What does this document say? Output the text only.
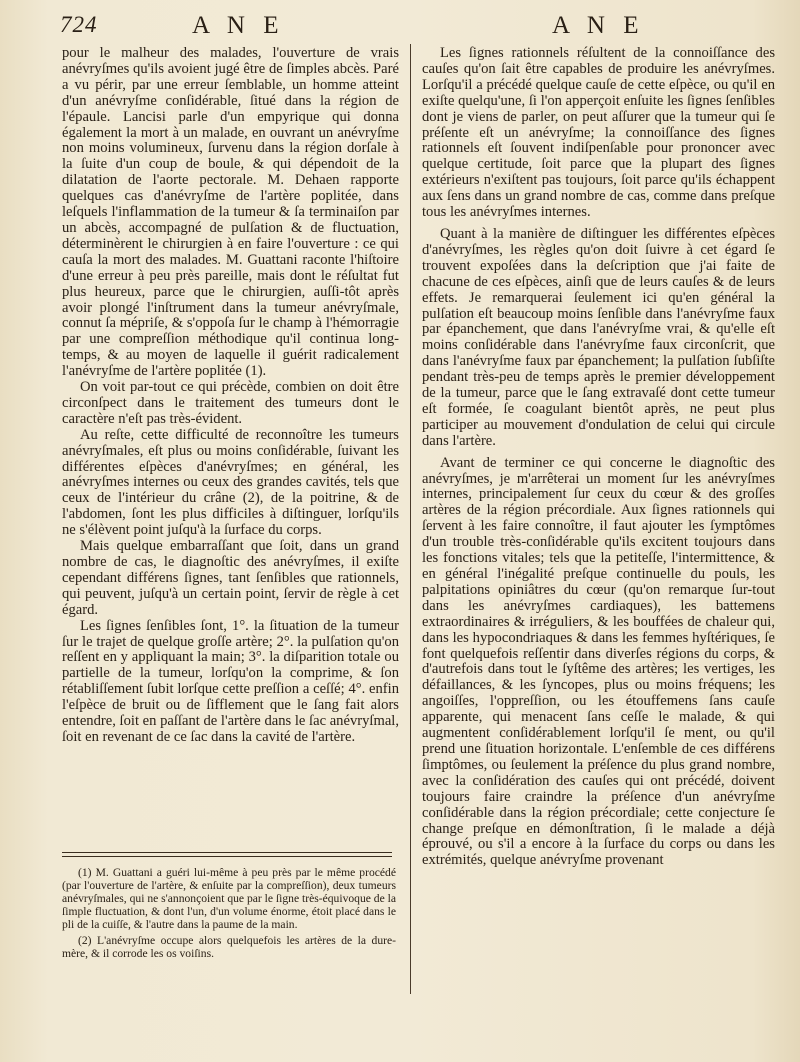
724	A N E	A N E

pour le malheur des malades, l'ouverture de vrais anévryſmes qu'ils avoient jugé être de ſimples abcès. Paré a vu périr, par une erreur ſemblable, un homme atteint d'un anévryſme conſidérable, ſitué dans la région de l'épaule. Lancisi parle d'un empyrique qui donna également la mort à un malade, en ouvrant un anévryſme non moins volumineux, ſurvenu dans la région dorſale à la ſuite d'un coup de boule, & qui dépendoit de la dilatation de l'aorte pectorale. M. Dehaen rapporte quelques cas d'anévryſme de l'artère poplitée, dans leſquels l'inflammation de la tumeur & ſa terminaiſon par un abcès, accompagné de pulſation & de fluctuation, déterminèrent le chirurgien à en faire l'ouverture : ce qui cauſa la mort des malades. M. Guattani raconte l'hiſtoire d'une erreur à peu près pareille, mais dont le réſultat fut plus heureux, parce que le chirurgien, auſſi-tôt après avoir plongé l'inſtrument dans la tumeur anévryſmale, connut ſa mépriſe, & s'oppoſa ſur le champ à l'hémorragie par une compreſſion méthodique qu'il continua long-temps, & au moyen de laquelle il guérit radicalement l'anévryſme de l'artère poplitée (1).

On voit par-tout ce qui précède, combien on doit être circonſpect dans le traitement des tumeurs dont le caractère n'eſt pas très-évident.

Au reſte, cette difficulté de reconnoître les tumeurs anévryſmales, eſt plus ou moins conſidérable, ſuivant les différentes eſpèces d'anévryſmes; en général, les anévryſmes internes ou ceux des grandes cavités, tels que ceux de l'intérieur du crâne (2), de la poitrine, & de l'abdomen, ſont les plus difficiles à diſtinguer, lorſqu'ils ne s'élèvent point juſqu'à la ſurface du corps.

Mais quelque embarraſſant que ſoit, dans un grand nombre de cas, le diagnoſtic des anévryſmes, il exiſte cependant différens ſignes, tant ſenſibles que rationnels, qui peuvent, juſqu'à un certain point, ſervir de règle à cet égard.

Les ſignes ſenſibles ſont, 1°. la ſituation de la tumeur ſur le trajet de quelque groſſe artère; 2°. la pulſation qu'on reſſent en y appliquant la main; 3°. la diſparition totale ou partielle de la tumeur, lorſqu'on la comprime, & ſon rétabliſſement ſubit lorſque cette preſſion a ceſſé; 4°. enfin l'eſpèce de bruit ou de ſifflement que le ſang fait alors entendre, ſoit en paſſant de l'artère dans le ſac anévryſmal, ſoit en revenant de ce ſac dans la cavité de l'artère.

Les ſignes rationnels réſultent de la connoiſſance des cauſes qu'on ſait être capables de produire les anévryſmes. Lorſqu'il a précédé quelque cauſe de cette eſpèce, ou qu'il en exiſte quelqu'une, ſi l'on apperçoit enſuite les ſignes ſenſibles dont je viens de parler, on peut aſſurer que la tumeur qui ſe préſente eſt un anévryſme; la connoiſſance des ſignes rationnels eſt ſouvent indiſpenſable pour prononcer avec quelque certitude, ſoit parce que la plupart des ſignes extérieurs n'exiſtent pas toujours, ſoit parce qu'ils échappent aux ſens dans un grand nombre de cas, comme dans preſque tous les anévryſmes internes.

Quant à la manière de diſtinguer les différentes eſpèces d'anévryſmes, les règles qu'on doit ſuivre à cet égard ſe trouvent expoſées dans la deſcription que j'ai faite de chacune de ces eſpèces, ainſi que de leurs cauſes & de leurs effets. Je remarquerai ſeulement ici qu'en général la pulſation eſt beaucoup moins ſenſible dans l'anévryſme faux par épanchement, que dans l'anévryſme vrai, & qu'elle eſt moins conſidérable dans l'anévryſme faux circonſcrit, que dans l'anévryſme faux par épanchement; la pulſation ſubſiſte pendant très-peu de temps après le premier développement de la tumeur, parce que le ſang extravaſé dont cette tumeur eſt formée, ſe coagulant bientôt après, ne peut plus participer au mouvement d'ondulation de celui qui circule dans l'artère.

Avant de terminer ce qui concerne le diagnoſtic des anévryſmes, je m'arrêterai un moment ſur les anévryſmes internes, principalement ſur ceux du cœur & des groſſes artères de la région précordiale. Aux ſignes rationnels qui ſervent à les faire connoître, il faut ajouter les ſymptômes d'un trouble très-conſidérable qu'ils excitent toujours dans les fonctions vitales; tels que la petiteſſe, l'intermittence, & en général l'inégalité preſque continuelle du pouls, les palpitations opiniâtres du cœur (qu'on remarque ſur-tout dans les anévryſmes cardiaques), les battemens extraordinaires & irréguliers, & les bouffées de chaleur qui, dans les hypocondriaques & dans les femmes hyſtériques, ſe font quelquefois reſſentir dans diverſes régions du corps, & d'autrefois dans tout le ſyſtême des artères; les vertiges, les défaillances, & les ſyncopes, plus ou moins fréquens; les angoiſſes, l'oppreſſion, ou les étouffemens ſans cauſe apparente, qui menacent ſans ceſſe le malade, & qui augmentent conſidérablement lorſqu'il ſe ment, ou qu'il prend une ſituation horizontale. L'enſemble de ces différens ſimptômes, ou ſeulement la préſence du plus grand nombre, avec la conſidération des cauſes qui ont précédé, doivent toujours faire craindre la préſence d'un anévryſme conſidérable dans la région précordiale; cette conjecture ſe change preſque en démonſtration, ſi le malade a déjà éprouvé, ou s'il a encore à la ſurface du corps ou dans les extrémités, quelque anévryſme provenant

(1) M. Guattani a guéri lui-même à peu près par le même procédé (par l'ouverture de l'artère, & enſuite par la compreſſion), deux tumeurs anévryſmales, qui ne s'annonçoient que par le ſigne très-équivoque de la ſimple fluctuation, & dont l'un, d'un volume énorme, étoit placé dans le pli de la cuiſſe, & l'autre dans la paume de la main.

(2) L'anévryſme occupe alors quelquefois les artères de la dure-mère, & il corrode les os voiſins.
